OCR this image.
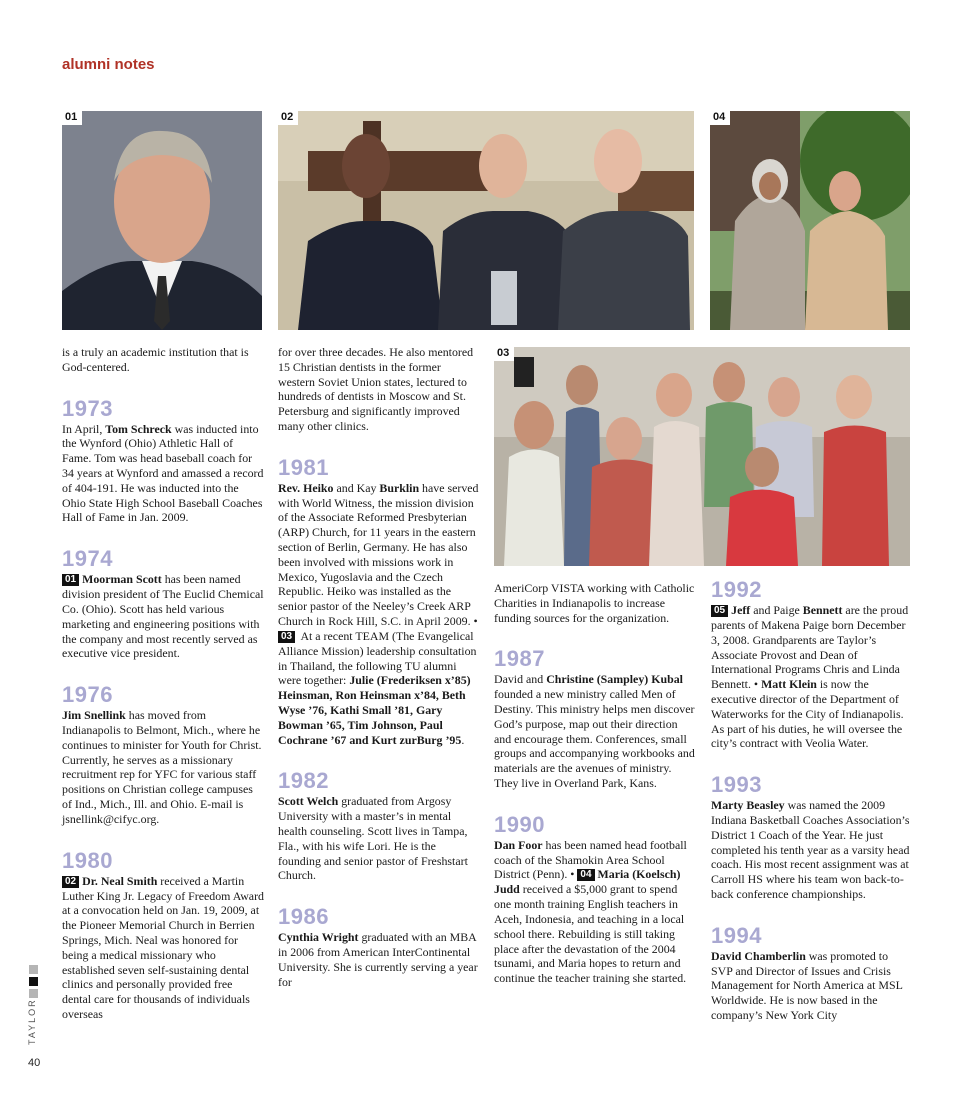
alumni notes
01	02	04
03

is a truly an academic institution that is God-centered.

1973

In April, Tom Schreck was inducted into the Wynford (Ohio) Athletic Hall of Fame. Tom was head baseball coach for 34 years at Wynford and amassed a record of 404-191. He was inducted into the Ohio State High School Baseball Coaches Hall of Fame in Jan. 2009.

1974

01 Moorman Scott has been named division president of The Euclid Chemical Co. (Ohio). Scott has held various marketing and engineering positions with the company and most recently served as executive vice president.

1976

Jim Snellink has moved from Indianapolis to Belmont, Mich., where he continues to minister for Youth for Christ. Currently, he serves as a missionary recruitment rep for YFC for various staff positions on Christian college campuses of Ind., Mich., Ill. and Ohio. E-mail is jsnellink@cifyc.org.

1980

02 Dr. Neal Smith received a Martin Luther King Jr. Legacy of Freedom Award at a convocation held on Jan. 19, 2009, at the Pioneer Memorial Church in Berrien Springs, Mich. Neal was honored for being a medical missionary who established seven self-sustaining dental clinics and personally provided free dental care for thousands of individuals overseas

for over three decades. He also mentored 15 Christian dentists in the former western Soviet Union states, lectured to hundreds of dentists in Moscow and St. Petersburg and significantly improved many other clinics.

1981

Rev. Heiko and Kay Burklin have served with World Witness, the mission division of the Associate Reformed Presbyterian (ARP) Church, for 11 years in the eastern section of Berlin, Germany. He has also been involved with missions work in Mexico, Yugoslavia and the Czech Republic. Heiko was installed as the senior pastor of the Neeley’s Creek ARP Church in Rock Hill, S.C. in April 2009. • 03 At a recent TEAM (The Evangelical Alliance Mission) leadership consultation in Thailand, the following TU alumni were together: Julie (Frederiksen x’85) Heinsman, Ron Heinsman x’84, Beth Wyse ’76, Kathi Small ’81, Gary Bowman ’65, Tim Johnson, Paul Cochrane ’67 and Kurt zurBurg ’95.

1982

Scott Welch graduated from Argosy University with a master’s in mental health counseling. Scott lives in Tampa, Fla., with his wife Lori. He is the founding and senior pastor of Freshstart Church.

1986

Cynthia Wright graduated with an MBA in 2006 from American InterContinental University. She is currently serving a year for

AmeriCorp VISTA working with Catholic Charities in Indianapolis to increase funding sources for the organization.

1987

David and Christine (Sampley) Kubal founded a new ministry called Men of Destiny. This ministry helps men discover God’s purpose, map out their direction and encourage them. Conferences, small groups and accompanying workbooks and materials are the avenues of ministry. They live in Overland Park, Kans.

1990

Dan Foor has been named head football coach of the Shamokin Area School District (Penn). • 04 Maria (Koelsch) Judd received a $5,000 grant to spend one month training English teachers in Aceh, Indonesia, and teaching in a local school there. Rebuilding is still taking place after the devastation of the 2004 tsunami, and Maria hopes to return and continue the teacher training she started.

1992

05 Jeff and Paige Bennett are the proud parents of Makena Paige born December 3, 2008. Grandparents are Taylor’s Associate Provost and Dean of International Programs Chris and Linda Bennett. • Matt Klein is now the executive director of the Department of Waterworks for the City of Indianapolis. As part of his duties, he will oversee the city’s contract with Veolia Water.

1993

Marty Beasley was named the 2009 Indiana Basketball Coaches Association’s District 1 Coach of the Year. He just completed his tenth year as a varsity head coach. His most recent assignment was at Carroll HS where his team won back-to-back conference championships.

1994

David Chamberlin was promoted to SVP and Director of Issues and Crisis Management for North America at MSL Worldwide. He is now based in the company’s New York City

TAYLOR
40
